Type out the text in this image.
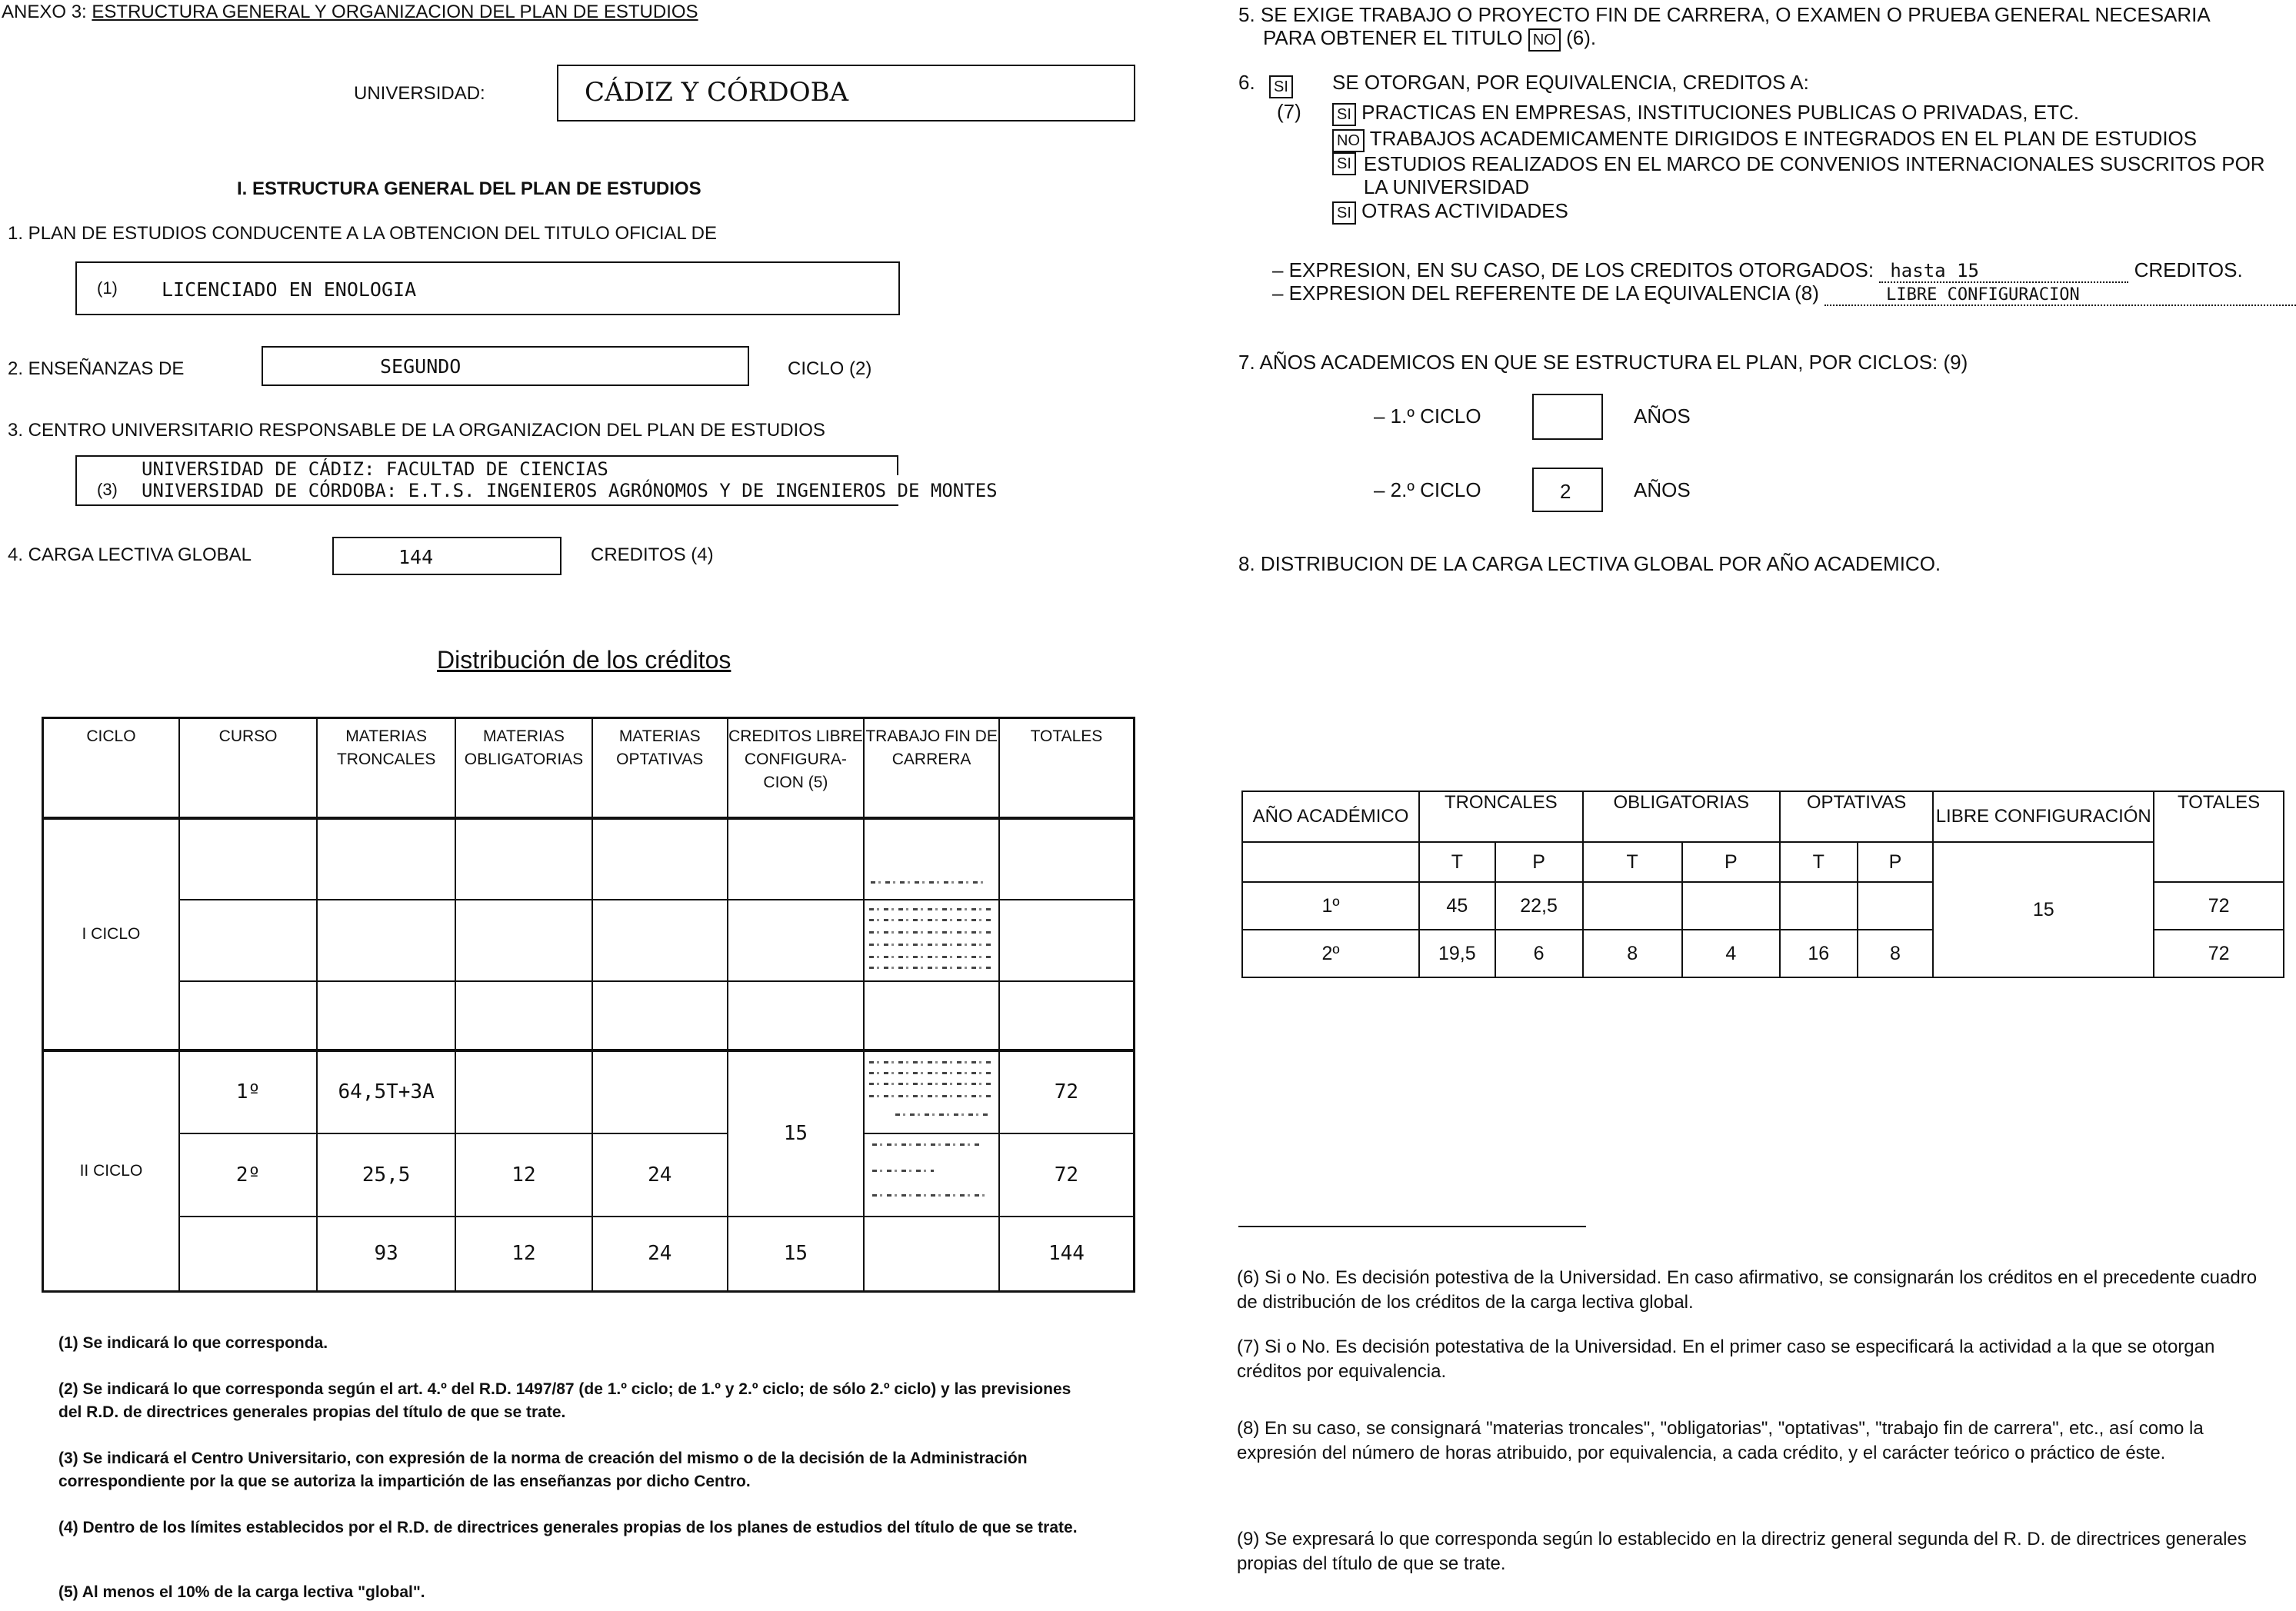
ANEXO 3: ESTRUCTURA GENERAL Y ORGANIZACION DEL PLAN DE ESTUDIOS
UNIVERSIDAD:	CÁDIZ Y CÓRDOBA
I. ESTRUCTURA GENERAL DEL PLAN DE ESTUDIOS
1. PLAN DE ESTUDIOS CONDUCENTE A LA OBTENCION DEL TITULO OFICIAL DE
(1) LICENCIADO EN ENOLOGIA
2. ENSEÑANZAS DE	SEGUNDO	CICLO (2)
3. CENTRO UNIVERSITARIO RESPONSABLE DE LA ORGANIZACION DEL PLAN DE ESTUDIOS
(3)
UNIVERSIDAD DE CÁDIZ: FACULTAD DE CIENCIAS
UNIVERSIDAD DE CÓRDOBA: E.T.S. INGENIEROS AGRÓNOMOS Y DE INGENIEROS DE MONTES
4. CARGA LECTIVA GLOBAL	144	CREDITOS (4)
Distribución de los créditos
CICLO	CURSO	MATERIAS TRONCALES	MATERIAS OBLIGATORIAS	MATERIAS OPTATIVAS	CREDITOS LIBRE CONFIGURA-CION (5)	TRABAJO FIN DE CARRERA	TOTALES
I CICLO						

II CICLO	1º	64,5T+3A			15		72
	2º	25,5	12	24			72
		93	12	24	15		144
(1) Se indicará lo que corresponda.
(2) Se indicará lo que corresponda según el art. 4.º del R.D. 1497/87 (de 1.º ciclo; de 1.º y 2.º ciclo; de sólo 2.º ciclo) y las previsiones del R.D. de directrices generales propias del título de que se trate.
(3) Se indicará el Centro Universitario, con expresión de la norma de creación del mismo o de la decisión de la Administración correspondiente por la que se autoriza la impartición de las enseñanzas por dicho Centro.
(4) Dentro de los límites establecidos por el R.D. de directrices generales propias de los planes de estudios del título de que se trate.
(5) Al menos el 10% de la carga lectiva "global".
5. SE EXIGE TRABAJO O PROYECTO FIN DE CARRERA, O EXAMEN O PRUEBA GENERAL NECESARIA
PARA OBTENER EL TITULO NO (6).
6.	SI
(7)
SE OTORGAN, POR EQUIVALENCIA, CREDITOS A:
SI PRACTICAS EN EMPRESAS, INSTITUCIONES PUBLICAS O PRIVADAS, ETC.
NO TRABAJOS ACADEMICAMENTE DIRIGIDOS E INTEGRADOS EN EL PLAN DE ESTUDIOS
SI ESTUDIOS REALIZADOS EN EL MARCO DE CONVENIOS INTERNACIONALES SUSCRITOS POR LA UNIVERSIDAD
SI OTRAS ACTIVIDADES
– EXPRESION, EN SU CASO, DE LOS CREDITOS OTORGADOS: hasta 15	CREDITOS.
– EXPRESION DEL REFERENTE DE LA EQUIVALENCIA (8)	LIBRE CONFIGURACION
7. AÑOS ACADEMICOS EN QUE SE ESTRUCTURA EL PLAN, POR CICLOS: (9)
– 1.º CICLO	AÑOS
– 2.º CICLO	2	AÑOS
8. DISTRIBUCION DE LA CARGA LECTIVA GLOBAL POR AÑO ACADEMICO.
AÑO ACADÉMICO	TRONCALES		OBLIGATORIAS		OPTATIVAS		LIBRE CONFIGURACIÓN	TOTALES
	T	P	T	P	T	P	15	
1º	45	22,5						72
2º	19,5	6	8	4	16	8		72
(6) Si o No. Es decisión potestiva de la Universidad. En caso afirmativo, se consignarán los créditos en el precedente cuadro de distribución de los créditos de la carga lectiva global.
(7) Si o No. Es decisión potestativa de la Universidad. En el primer caso se especificará la actividad a la que se otorgan créditos por equivalencia.
(8) En su caso, se consignará "materias troncales", "obligatorias", "optativas", "trabajo fin de carrera", etc., así como la expresión del número de horas atribuido, por equivalencia, a cada crédito, y el carácter teórico o práctico de éste.
(9) Se expresará lo que corresponda según lo establecido en la directriz general segunda del R. D. de directrices generales propias del título de que se trate.
